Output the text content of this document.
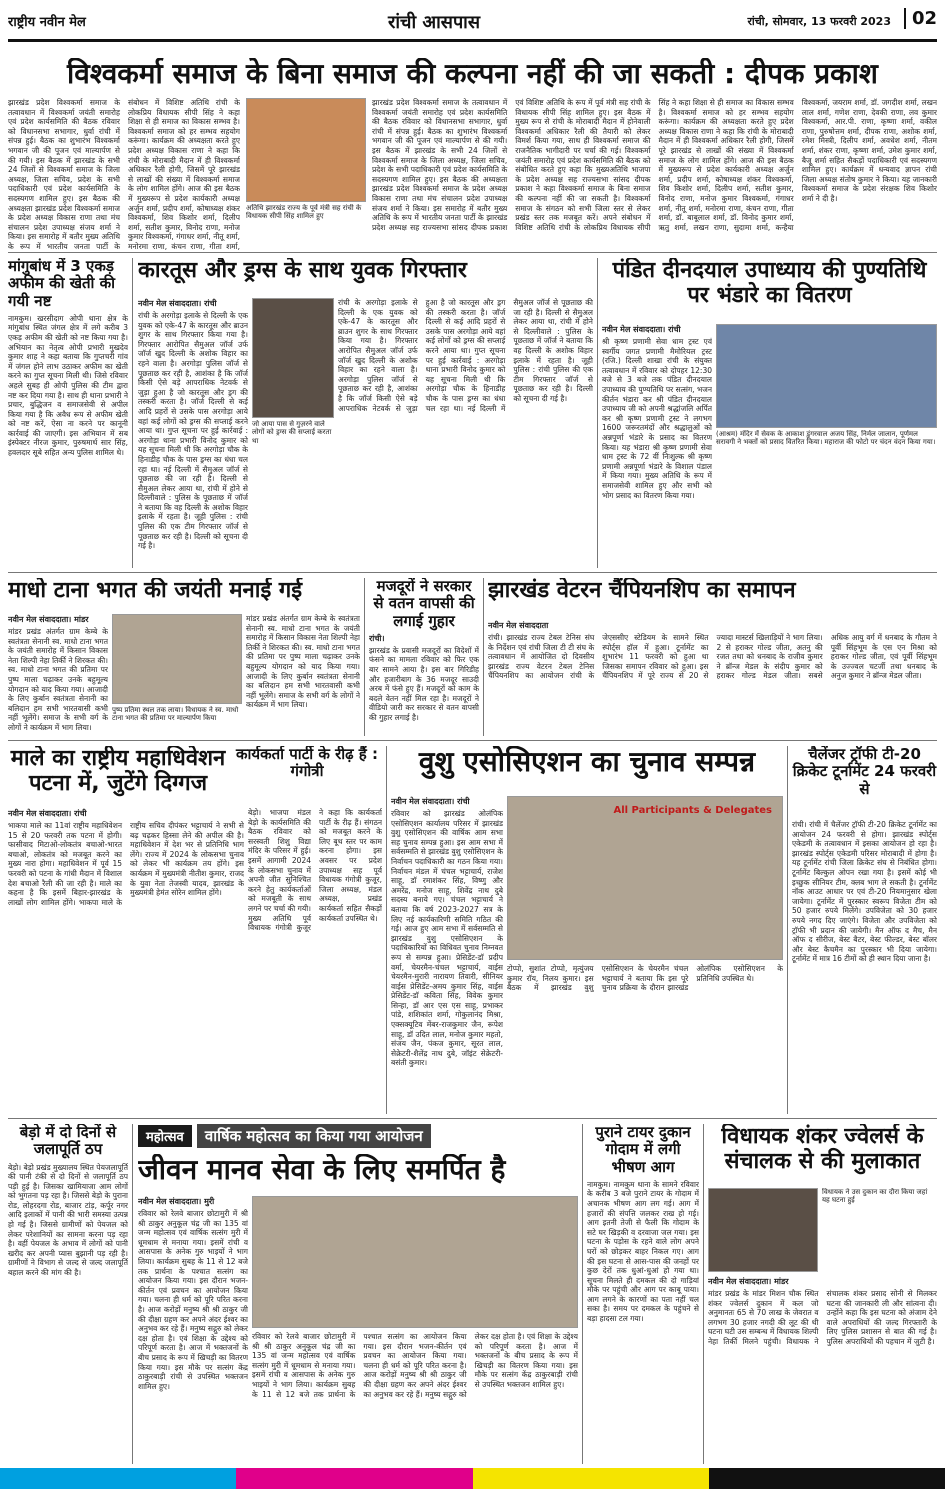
राष्ट्रीय नवीन मेल	रांची आसपास	रांची, सोमवार, 13 फरवरी 2023	02
विश्वकर्मा समाज के बिना समाज की कल्पना नहीं की जा सकती : दीपक प्रकाश
झारखंड प्रदेश विश्वकर्मा समाज के तत्वावधान में विश्वकर्मा जयंती समारोह एवं प्रदेश कार्यसमिति की बैठक रविवार को विधानसभा सभागार, धुर्वा रांची में संपन्न हुई। बैठक का शुभारंभ विश्वकर्मा भगवान जी की पूजन एवं माल्यार्पण से की गयी। इस बैठक में झारखंड के सभी 24 जिलों से विश्वकर्मा समाज के जिला अध्यक्ष, जिला सचिव, प्रदेश के सभी पदाधिकारी एवं प्रदेश कार्यसमिति के सदस्यगण शामिल हुए। इस बैठक की अध्यक्षता झारखंड प्रदेश विश्वकर्मा समाज के प्रदेश अध्यक्ष विकास राणा तथा मंच संचालन प्रदेश उपाध्यक्ष संजय शर्मा ने किया। इस समारोह में बतौर मुख्य अतिथि के रूप में भारतीय जनता पार्टी के संबोधन में विशिष्ट अतिथि रांची के लोकप्रिय विधायक सीपी सिंह ने कहा शिक्षा से ही समाज का विकास सम्भव है। विश्वकर्मा समाज को हर सम्भव सहयोग करूंगा। कार्यक्रम की अध्यक्षता करते हुए प्रदेश अध्यक्ष विकास राणा ने कहा कि रांची के मोराबादी मैदान में ही विश्वकर्मा अधिकार रैली होगी, जिसमें पूरे झारखंड से लाखों की संख्या में विश्वकर्मा समाज के लोग शामिल होंगे। आज की इस बैठक में मुख्यरूप से प्रदेश कार्यकारी अध्यक्ष अर्जुन शर्मा, प्रदीप शर्मा, कोषाध्यक्ष शंकर विश्वकर्मा, शिव किशोर शर्मा, दिलीप शर्मा, सतीश कुमार, विनोद राणा, मनोज कुमार विश्वकर्मा, गंगाधर शर्मा, नीतू शर्मा, मनोरमा राणा, कंचन राणा, गीता शर्मा,
अतिथि झारखंड राज्य के पूर्व मंत्री सह रांची के विधायक सीपी सिंह शामिल हुए
झारखंड प्रदेश विश्वकर्मा समाज के तत्वावधान में विश्वकर्मा जयंती समारोह एवं प्रदेश कार्यसमिति की बैठक रविवार को विधानसभा सभागार, धुर्वा रांची में संपन्न हुई। बैठक का शुभारंभ विश्वकर्मा भगवान जी की पूजन एवं माल्यार्पण से की गयी। इस बैठक में झारखंड के सभी 24 जिलों से विश्वकर्मा समाज के जिला अध्यक्ष, जिला सचिव, प्रदेश के सभी पदाधिकारी एवं प्रदेश कार्यसमिति के सदस्यगण शामिल हुए। इस बैठक की अध्यक्षता झारखंड प्रदेश विश्वकर्मा समाज के प्रदेश अध्यक्ष विकास राणा तथा मंच संचालन प्रदेश उपाध्यक्ष संजय शर्मा ने किया। इस समारोह में बतौर मुख्य अतिथि के रूप में भारतीय जनता पार्टी के झारखंड प्रदेश अध्यक्ष सह राज्यसभा सांसद दीपक प्रकाश एवं विशिष्ट अतिथि के रूप में पूर्व मंत्री सह रांची के विधायक सीपी सिंह शामिल हुए। इस बैठक में मुख्य रूप से रांची के मोराबादी मैदान में होनेवाली विश्वकर्मा अधिकार रैली की तैयारी को लेकर विमर्श किया गया, साथ ही विश्वकर्मा समाज की राजनैतिक भागीदारी पर चर्चा की गई। विश्वकर्मा जयंती समारोह एवं प्रदेश कार्यसमिति की बैठक को संबोधित करते हुए कहा कि मुख्यअतिथि भाजपा के प्रदेश अध्यक्ष सह राज्यसभा सांसद दीपक प्रकाश ने कहा विश्वकर्मा समाज के बिना समाज की कल्पना नहीं की जा सकती है। विश्वकर्मा समाज के संगठन को सभी जिला स्तर से लेकर प्रखंड स्तर तक मजबूत करें। अपने संबोधन में विशिष्ट अतिथि रांची के लोकप्रिय विधायक सीपी सिंह ने कहा शिक्षा से ही समाज का विकास सम्भव है। विश्वकर्मा समाज को हर सम्भव सहयोग करूंगा। कार्यक्रम की अध्यक्षता करते हुए प्रदेश अध्यक्ष विकास राणा ने कहा कि रांची के मोराबादी मैदान में ही विश्वकर्मा अधिकार रैली होगी, जिसमें पूरे झारखंड से लाखों की संख्या में विश्वकर्मा समाज के लोग शामिल होंगे। आज की इस बैठक में मुख्यरूप से प्रदेश कार्यकारी अध्यक्ष अर्जुन शर्मा, प्रदीप शर्मा, कोषाध्यक्ष शंकर विश्वकर्मा, शिव किशोर शर्मा, दिलीप शर्मा, सतीश कुमार, विनोद राणा, मनोज कुमार विश्वकर्मा, गंगाधर शर्मा, नीतू शर्मा, मनोरमा राणा, कंचन राणा, गीता शर्मा, डॉ. बाबूलाल शर्मा, डॉ. विनोद कुमार शर्मा, ऋतु शर्मा, लखन राणा, सुदामा शर्मा, कन्हैया विश्वकर्मा, जयराम शर्मा, डॉ. जगदीश शर्मा, लखन लाल शर्मा, गणेश राणा, देवकी राणा, लव कुमार विश्वकर्मा, आर.पी. राणा, कृष्णा शर्मा, वकील राणा, पुरुषोत्तम शर्मा, दीपक राणा, अशोक शर्मा, रमेश मिस्त्री, दिलीप शर्मा, अवधेश शर्मा, नीतम शर्मा, शंकर राणा, कृष्णा शर्मा, उमेश कुमार शर्मा, बैजू शर्मा सहित सैकड़ों पदाधिकारी एवं सदस्यगण शामिल हुए। कार्यक्रम में धन्यवाद ज्ञापन रांची जिला अध्यक्ष संतोष कुमार ने किया। यह जानकारी विश्वकर्मा समाज के प्रदेश संरक्षक शिव किशोर शर्मा ने दी है।
मांगुबांध में 3 एकड़ अफीम की खेती की गयी नष्ट
नामकुम। खरसीदाग ओपी थाना क्षेत्र के मांगुबांध स्थित जंगल क्षेत्र में लगे करीब 3 एकड़ अफीम की खेती को नष्ट किया गया है। अभियान का नेतृत्व ओपी प्रभारी मुखदेव कुमार शाह ने कहा बताया कि गुप्तचरी गांव में जंगल होने लाभ उठाकर अफीम का खेती करने का गुप्त सूचना मिली थी। जिसे रविवार अहले सुबह ही ओपी पुलिस की टीम द्वारा नष्ट कर दिया गया है। साथ ही थाना प्रभारी ने प्रचार, बुद्धिजन व समाजसेवी से अपील किया गया है कि अवैध रूप से अफीम खेती को नष्ट करें, ऐसा ना करने पर कानूनी कार्रवाई की जाएगी। इस अभियान में सब इंस्पेक्टर नीरज कुमार, पुरुषमार्थ सार सिंह, हवलदार सूबे सहित अन्य पुलिस शामिल थे।
कारतूस और ड्रग्स के साथ युवक गिरफ्तार
नवीन मेल संवाददाता। रांची
रांची के अरगोड़ा इलाके से दिल्ली के एक युवक को एके-47 के कारतूस और ब्राउन शुगर के साथ गिरफ्तार किया गया है। गिरफ्तार आरोपित सैमुअल जॉर्ज उर्फ जॉर्ज खुद दिल्ली के अशोक विहार का रहने वाला है। अरगोड़ा पुलिस जॉर्ज से पूछताछ कर रही है, आशंका है कि जॉर्ज किसी ऐसे बड़े आपराधिक नेटवर्क से जुड़ा हुआ है जो कारतूस और ड्रग की तस्करी करता है। जॉर्ज दिल्ली से कई आदि प्रहरों से उसके पास अरगोड़ा आये वहां कई लोगों को ड्रग्स की सप्लाई करने आया था। गुप्त सूचना पर हुई कार्रवाई : अरगोड़ा थाना प्रभारी विनोद कुमार को यह सूचना मिली थी कि अरगोड़ा चौक के हिनाडीह चौक के पास ड्रग्स का धंधा चल रहा था। नई दिल्ली में सैमुअल जॉर्ज से पूछताछ की जा रही है। दिल्ली से सैमुअल लेकर आया था, रांची में होने से दिल्लीवाले : पुलिस के पूछताछ में जॉर्ज ने बताया कि वह दिल्ली के अशोक विहार इलाके में रहता है। जूही पुलिस : रांची पुलिस की एक टीम गिरफ्तार जॉर्ज से पूछताछ कर रही है। दिल्ली को सूचना दी गई है।
जो आया पास से गुज़रने वाले लोगों को ड्रग्स की सप्लाई करता था
रांची के अरगोड़ा इलाके से दिल्ली के एक युवक को एके-47 के कारतूस और ब्राउन शुगर के साथ गिरफ्तार किया गया है। गिरफ्तार आरोपित सैमुअल जॉर्ज उर्फ जॉर्ज खुद दिल्ली के अशोक विहार का रहने वाला है। अरगोड़ा पुलिस जॉर्ज से पूछताछ कर रही है, आशंका है कि जॉर्ज किसी ऐसे बड़े आपराधिक नेटवर्क से जुड़ा हुआ है जो कारतूस और ड्रग की तस्करी करता है। जॉर्ज दिल्ली से कई आदि प्रहरों से उसके पास अरगोड़ा आये वहां कई लोगों को ड्रग्स की सप्लाई करने आया था। गुप्त सूचना पर हुई कार्रवाई : अरगोड़ा थाना प्रभारी विनोद कुमार को यह सूचना मिली थी कि अरगोड़ा चौक के हिनाडीह चौक के पास ड्रग्स का धंधा चल रहा था। नई दिल्ली में सैमुअल जॉर्ज से पूछताछ की जा रही है। दिल्ली से सैमुअल लेकर आया था, रांची में होने से दिल्लीवाले : पुलिस के पूछताछ में जॉर्ज ने बताया कि वह दिल्ली के अशोक विहार इलाके में रहता है। जूही पुलिस : रांची पुलिस की एक टीम गिरफ्तार जॉर्ज से पूछताछ कर रही है। दिल्ली को सूचना दी गई है।
पंडित दीनदयाल उपाध्याय की पुण्यतिथि पर भंडारे का वितरण
नवीन मेल संवाददाता। रांची
श्री कृष्ण प्रणामी सेवा धाम ट्रस्ट एवं स्वर्गीय जगत प्रणामी मैमोरियल ट्रस्ट (रजि.) दिल्ली शाखा रांची के संयुक्त तत्वावधान में रविवार को दोपहर 12:30 बजे से 3 बजे तक पंडित दीनदयाल उपाध्याय की पुण्यतिथि पर सत्संग, भजन कीर्तन भंडारा कर श्री पंडित दीनदयाल उपाध्याय जी को अपनी श्रद्धांजलि अर्पित कर श्री कृष्ण प्रणामी ट्रस्ट ने लगभग 1600 जरूरतमंदों और श्रद्धालुओं को अन्नपूर्णा भंडारे के प्रसाद का वितरण किया। यह भंडारा श्री कृष्ण प्रणामी सेवा धाम ट्रस्ट के 72 वीं निःशुल्क श्री कृष्ण प्रणामी अन्नपूर्णा भंडारे के विशाल पंडाल में किया गया। मुख्य अतिथि के रूप में समाजसेवी शामिल हुए और सभी को भोग प्रसाद का वितरण किया गया।
(आश्रम) मंदिर में सेवक के आकाश डुंगरवाल अजय सिंह, निर्मल जालान, पूर्णमल सरावगी ने भक्तों को प्रसाद वितरित किया। महाराज की फोटो पर चंदन वंदन किया गया।
माधो टाना भगत की जयंती मनाई गई
नवीन मेल संवाददाता। मांडर
मांडर प्रखंड अंतर्गत ग्राम केम्बे के स्वतंत्रता सेनानी स्व. माधो टाना भगत के जयंती समारोह में किसान विकास नेता शिल्पी नेहा तिर्की ने शिरकत की। स्व. माधो टाना भगत की प्रतिमा पर पुष्प माला चढ़ाकर उनके बहुमूल्य योगदान को याद किया गया। आजादी के लिए कुर्बान स्वतंत्रता सेनानी का बलिदान हम सभी भारतवासी कभी नहीं भूलेंगे। समाज के सभी वर्ग के लोगों ने कार्यक्रम में भाग लिया।
पुष्प प्रतिमा स्थल तक लाया। विधायक ने स्व. माधो टाना भगत की प्रतिमा पर माल्यार्पण किया
मांडर प्रखंड अंतर्गत ग्राम केम्बे के स्वतंत्रता सेनानी स्व. माधो टाना भगत के जयंती समारोह में किसान विकास नेता शिल्पी नेहा तिर्की ने शिरकत की। स्व. माधो टाना भगत की प्रतिमा पर पुष्प माला चढ़ाकर उनके बहुमूल्य योगदान को याद किया गया। आजादी के लिए कुर्बान स्वतंत्रता सेनानी का बलिदान हम सभी भारतवासी कभी नहीं भूलेंगे। समाज के सभी वर्ग के लोगों ने कार्यक्रम में भाग लिया।
मजदूरों ने सरकार से वतन वापसी की लगाई गुहार
रांची।
झारखंड के प्रवासी मजदूरों का विदेशों में फंसने का मामला रविवार को फिर एक बार सामने आया है। इस बार गिरिडीह और हजारीबाग के 36 मजदूर साउदी अरब में फंसे हुए हैं। मजदूरों को काम के बदले वेतन नहीं मिल रहा है। मजदूरों ने वीडियो जारी कर सरकार से वतन वापसी की गुहार लगाई है।
झारखंड वेटरन चैंपियनशिप का समापन
नवीन मेल संवाददाता
रांची। झारखंड राज्य टेबल टेनिस संघ के निर्देशन एवं रांची जिला टी टी संघ के तत्वावधान में आयोजित दो दिवसीय झारखंड राज्य वेटरन टेबल टेनिस चैंपियनशिप का आयोजन रांची के जेएससीए स्टेडियम के सामने स्थित स्पोर्ट्स हॉल में हुआ। टूर्नामेंट का शुभारंभ 11 फरवरी को हुआ था जिसका समापन रविवार को हुआ। इस चैंपियनशिप में पूरे राज्य से 20 से ज्यादा मास्टर्स खिलाड़ियों ने भाग लिया। 2 से हराकर गोल्ड जीता, अतनु की रजत तथा को धनबाद के राजीव कुमार ने ब्रॉन्ज मेडल के संदीप कुमार को हराकर गोल्ड मेडल जीता। सबसे अधिक आयु वर्ग में धनबाद के गौतम ने पूर्वी सिंहभूम के एस एन मिश्रा को हराकर गोल्ड जीता, एवं पूर्वी सिंहभूम के उज्ज्वल चटर्जी तथा धनबाद के अनुज कुमार ने ब्रॉन्ज मेडल जीता।
माले का राष्ट्रीय महाधिवेशन पटना में, जुटेंगे दिग्गज
नवीन मेल संवाददाता। रांची
भाकपा माले का 11वां राष्ट्रीय महाधिवेशन 15 से 20 फरवरी तक पटना में होगी। फासीवाद मिटाओ-लोकतंत्र बचाओ-भारत बचाओ, लोकतंत्र को मजबूत करने का मुख्य नारा होगा। महाधिवेशन में पूर्व 15 फरवरी को पटना के गांधी मैदान में विशाल देश बचाओ रैली की जा रही है। माले का कहना है कि इसमें बिहार-झारखंड के लाखों लोग शामिल होंगे। भाकपा माले के राष्ट्रीय सचिव दीपंकर भट्टाचार्य ने सभी से बढ़ चढ़कर हिस्सा लेने की अपील की है। महाधिवेशन में देश भर से प्रतिनिधि भाग लेंगे। राज्य में 2024 के लोकसभा चुनाव को लेकर भी कार्यक्रम तय होंगे। इस कार्यक्रम में मुख्यमंत्री नीतीश कुमार, राजद के युवा नेता तेजस्वी यादव, झारखंड के मुख्यमंत्री हेमंत सोरेन शामिल होंगे।
कार्यकर्ता पार्टी के रीढ़ हैं : गंगोत्री
बेड़ो। भाजपा मंडल बेड़ो के कार्यसमिति की बैठक रविवार को सरस्वती शिशु विद्या मंदिर के परिसर में हुई। इसमें आगामी 2024 के लोकसभा चुनाव में अपनी जीत सुनिश्चित करने हेतु कार्यकर्ताओं को मजबूती के साथ लगने पर चर्चा की गयी। मुख्य अतिथि पूर्व विधायक गंगोत्री कुजूर ने कहा कि कार्यकर्ता पार्टी के रीढ़ हैं। संगठन को मजबूत करने के लिए बूथ स्तर पर काम करना होगा। इस अवसर पर प्रदेश उपाध्यक्ष सह पूर्व विधायक गंगोत्री कुजूर, जिला अध्यक्ष, मंडल अध्यक्ष, प्रखंड कार्यकर्ता सहित सैकड़ों कार्यकर्ता उपस्थित थे।
वुशु एसोसिएशन का चुनाव सम्पन्न
नवीन मेल संवाददाता। रांची
रविवार को झारखंड ओलंपिक एसोसिएशन कार्यालय परिसर में झारखंड वुशु एसोसिएशन की वार्षिक आम सभा सह चुनाव सम्पन्न हुआ। इस आम सभा में सर्वसम्मति से झारखंड वुशु एसोसिएशन के निर्वाचन पदाधिकारी का गठन किया गया। निर्वाचन मंडल में चंचल भट्टाचार्य, राजेश साहू, डॉ रमाशंकर सिंह, विष्णु और अमरेंद्र, मनोज साहू, शिवेंद्र नाथ दुबे सदस्य बनाये गए। चंचल भट्टाचार्य ने बताया कि वर्ष 2023-2027 सत्र के लिए नई कार्यकारिणी समिति गठित की गई। आज हुए आम सभा में सर्वसम्मति से झारखंड वुशु एसोसिएशन के पदाधिकारियों का विधिवत चुनाव निम्नवत रूप से सम्पन्न हुआ। प्रेसिडेंट-डॉ प्रदीप वर्मा, चेयरमैन-चंचल भट्टाचार्य, वाईस चेयरमैन-मुरारी नारायण तिवारी, सीनियर वाईस प्रेसिडेंट-अमय कुमार सिंह, वाईस प्रेसिडेंट-डॉ कविता सिंह, विवेक कुमार सिन्हा, डॉ आर एस एस साहू, प्रभाकर पांडे, शशिकांत शर्मा, गोकुलानंद मिश्रा, एक्सक्यूटिव मेंबर-राजकुमार जैन, रूपेश साहू, डॉ उदित लाल, मनोज कुमार महतो, संजय जैन, पंकज कुमार, सूरत लाल, सेक्रेटरी-शैलेंद्र नाथ दुबे, जॉइंट सेक्रेटरी-बसंती कुमार।
All Participants & Delegates
टोप्पो, सुशांत टोप्पो, मृत्युंजय कुमार रॉय, निलय कुमार। इस बैठक में झारखंड वुशु एसोसिएशन के चेयरमैन चंचल भट्टाचार्य ने बताया कि इस पूरे चुनाव प्रक्रिया के दौरान झारखंड ओलंपिक एसोसिएशन के प्रतिनिधि उपस्थित थे।
चैलेंजर ट्रॉफी टी-20 क्रिकेट टूर्नामेंट 24 फरवरी से
रांची। रांची में चैलेंजर ट्रॉफी टी-20 क्रिकेट टूर्नामेंट का आयोजन 24 फरवरी से होगा। झारखंड स्पोर्ट्स एकेडमी के तत्वावधान में इसका आयोजन हो रहा है। झारखंड स्पोर्ट्स एकेडमी परिसर मोराबादी में होगा है। यह टूर्नामेंट रांची जिला क्रिकेट संघ से निबंधित होगा। टूर्नामेंट बिल्कुल ओपन रखा गया है। इसमें कोई भी इच्छुक सीनियर टीम, क्लब भाग ले सकती है। टूर्नामेंट नॉक आउट आधार पर एवं टी-20 नियमानुसार खेला जायेगा। टूर्नामेंट में पुरस्कार स्वरूप विजेता टीम को 50 हजार रुपये मिलेंगे। उपविजेता को 30 हजार रुपये नगद दिए जाएंगे। विजेता और उपविजेता को ट्रॉफी भी प्रदान की जायेगी। मैन ऑफ द मैच, मैन ऑफ द सीरीज, बेस्ट बैटर, बेस्ट फील्डर, बेस्ट बॉलर और बेस्ट कैचमैन का पुरस्कार भी दिया जायेगा। टूर्नामेंट में मात्र 16 टीमों को ही स्थान दिया जाना है।
बेड़ो में दो दिनों से जलापूर्ति ठप
बेड़ो। बेड़ो प्रखंड मुख्यालय स्थित पेयजलापूर्ति की पानी टंकी से दो दिनों से जलापूर्ति ठप पड़ी हुई है। जिसका खामियाजा आम लोगों को भुगतना पड़ रहा है। जिससे बेड़ो के पुराना रोड, लोहरदगा रोड, बाजार टांड़, कर्पूर नगर आदि इलाकों में पानी की भारी समस्या उत्पन्न हो गई है। जिससे ग्रामीणों को पेयजल को लेकर परेशानियों का सामना करना पड़ रहा है। वहीं पेयजल के अभाव में लोगों को पानी खरीद कर अपनी प्यास बुझानी पड़ रही है। ग्रामीणों ने विभाग से जल्द से जल्द जलापूर्ति बहाल करने की मांग की है।
महोत्सव वार्षिक महोत्सव का किया गया आयोजन
जीवन मानव सेवा के लिए समर्पित है
नवीन मेल संवाददाता। मुरी
रविवार को रेलवे बाजार छोटामुरी में श्री श्री ठाकुर अनुकूल चंद्र जी का 135 वां जन्म महोत्सव एवं वार्षिक सत्संग मुरी में धूमधाम से मनाया गया। इसमें रांची व आसपास के अनेक गुरु भाइयों ने भाग लिया। कार्यक्रम सुबह के 11 से 12 बजे तक प्रार्थना के पश्चात सत्संग का आयोजन किया गया। इस दौरान भजन-कीर्तन एवं प्रवचन का आयोजन किया गया। चलना ही धर्म को पूरि परित करना है। आज करोड़ों मनुष्य श्री श्री ठाकुर जी की दीक्षा ग्रहण कर अपने अंदर ईश्वर का अनुभव कर रहे हैं। मनुष्य सद्गुरु को लेकर दक्ष होता है। एवं शिक्षा के उद्देश्य को परिपूर्ण करता है। आज में भक्तजनों के बीच प्रसाद के रूप में खिचड़ी का वितरण किया गया। इस मौके पर सत्संग केंद्र ठाकुरबाड़ी रांची से उपस्थित भक्तजन शामिल हुए।
रविवार को रेलवे बाजार छोटामुरी में श्री श्री ठाकुर अनुकूल चंद्र जी का 135 वां जन्म महोत्सव एवं वार्षिक सत्संग मुरी में धूमधाम से मनाया गया। इसमें रांची व आसपास के अनेक गुरु भाइयों ने भाग लिया। कार्यक्रम सुबह के 11 से 12 बजे तक प्रार्थना के पश्चात सत्संग का आयोजन किया गया। इस दौरान भजन-कीर्तन एवं प्रवचन का आयोजन किया गया। चलना ही धर्म को पूरि परित करना है। आज करोड़ों मनुष्य श्री श्री ठाकुर जी की दीक्षा ग्रहण कर अपने अंदर ईश्वर का अनुभव कर रहे हैं। मनुष्य सद्गुरु को लेकर दक्ष होता है। एवं शिक्षा के उद्देश्य को परिपूर्ण करता है। आज में भक्तजनों के बीच प्रसाद के रूप में खिचड़ी का वितरण किया गया। इस मौके पर सत्संग केंद्र ठाकुरबाड़ी रांची से उपस्थित भक्तजन शामिल हुए।
पुराने टायर दुकान गोदाम में लगी भीषण आग
नामकुम। नामकुम थाना के सामने रविवार के करीब 3 बजे पुराने टायर के गोदाम में अचानक भीषण आग लग गई। आग में हजारों की संपत्ति जलकर राख हो गई। आग इतनी तेजी से फैली कि गोदाम के सटे घर खिड़की व दरवाजा जल गया। इस घटना के पड़ोस के रहने वाले लोग अपने घरों को छोड़कर बाहर निकल गए। आग की इस घटना से आस-पास की जनहों पर कुछ देरों तक धुआं-धुआं हो गया था। सूचना मिलते ही दमकल की दो गाड़ियां मौके पर पहुंची और आग पर काबू पाया। आग लगने के कारणों का पता नहीं चल सका है। समय पर दमकल के पहुंचने से बड़ा हादसा टल गया।
विधायक शंकर ज्वेलर्स के संचालक से की मुलाकात
विधायक ने उस दुकान का दौरा किया जहां यह घटना हुई
नवीन मेल संवाददाता। मांडर
मांडर प्रखंड के मांडर मिशन चौक स्थित शंकर ज्वेलर्स दुकान में कल जो अनुमानतः 65 से 70 लाख के जेवरात व लगभग 30 हजार नगदी की लूट की थी घटना घटी उस सम्बन्ध में विधायक शिल्पी नेहा तिर्की मिलने पहुंची। विधायक ने संचालक शंकर प्रसाद सोनी से मिलकर घटना की जानकारी ली और सांत्वना दी। उन्होंने कहा कि इस घटना को अंजाम देने वाले अपराधियों की जल्द गिरफ्तारी के लिए पुलिस प्रशासन से बात की गई है। पुलिस अपराधियों की पहचान में जुटी है।
